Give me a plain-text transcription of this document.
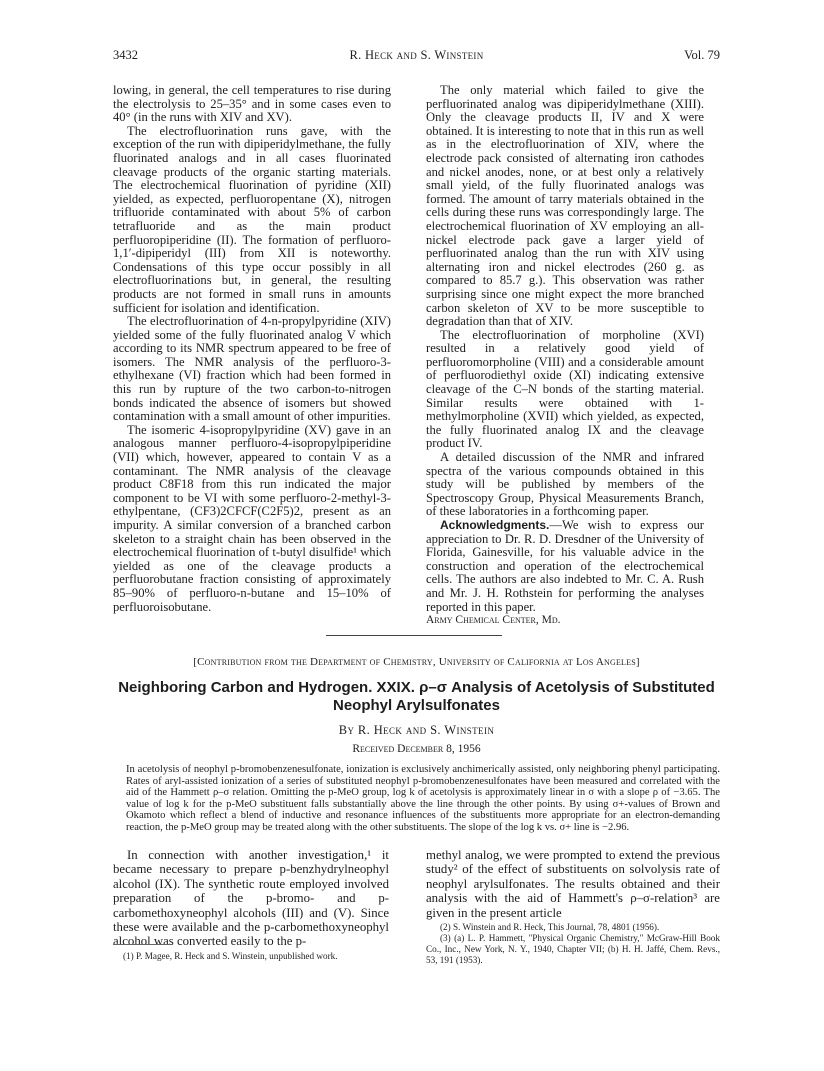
3432	R. Heck and S. Winstein	Vol. 79

lowing, in general, the cell temperatures to rise during the electrolysis to 25–35° and in some cases even to 40° (in the runs with XIV and XV).

The electrofluorination runs gave, with the exception of the run with dipiperidylmethane, the fully fluorinated analogs and in all cases fluorinated cleavage products of the organic starting materials. The electrochemical fluorination of pyridine (XII) yielded, as expected, perfluoropentane (X), nitrogen trifluoride contaminated with about 5% of carbon tetrafluoride and as the main product perfluoropiperidine (II). The formation of perfluoro-1,1′-dipiperidyl (III) from XII is noteworthy. Condensations of this type occur possibly in all electrofluorinations but, in general, the resulting products are not formed in small runs in amounts sufficient for isolation and identification.

The electrofluorination of 4-n-propylpyridine (XIV) yielded some of the fully fluorinated analog V which according to its NMR spectrum appeared to be free of isomers. The NMR analysis of the perfluoro-3-ethylhexane (VI) fraction which had been formed in this run by rupture of the two carbon-to-nitrogen bonds indicated the absence of isomers but showed contamination with a small amount of other impurities.

The isomeric 4-isopropylpyridine (XV) gave in an analogous manner perfluoro-4-isopropylpiperidine (VII) which, however, appeared to contain V as a contaminant. The NMR analysis of the cleavage product C8F18 from this run indicated the major component to be VI with some perfluoro-2-methyl-3-ethylpentane, (CF3)2CFCF(C2F5)2, present as an impurity. A similar conversion of a branched carbon skeleton to a straight chain has been observed in the electrochemical fluorination of t-butyl disulfide¹ which yielded as one of the cleavage products a perfluorobutane fraction consisting of approximately 85–90% of perfluoro-n-butane and 15–10% of perfluoroisobutane.

The only material which failed to give the perfluorinated analog was dipiperidylmethane (XIII). Only the cleavage products II, IV and X were obtained. It is interesting to note that in this run as well as in the electrofluorination of XIV, where the electrode pack consisted of alternating iron cathodes and nickel anodes, none, or at best only a relatively small yield, of the fully fluorinated analogs was formed. The amount of tarry materials obtained in the cells during these runs was correspondingly large. The electrochemical fluorination of XV employing an all-nickel electrode pack gave a larger yield of perfluorinated analog than the run with XIV using alternating iron and nickel electrodes (260 g. as compared to 85.7 g.). This observation was rather surprising since one might expect the more branched carbon skeleton of XV to be more susceptible to degradation than that of XIV.

The electrofluorination of morpholine (XVI) resulted in a relatively good yield of perfluoromorpholine (VIII) and a considerable amount of perfluorodiethyl oxide (XI) indicating extensive cleavage of the C–N bonds of the starting material. Similar results were obtained with 1-methylmorpholine (XVII) which yielded, as expected, the fully fluorinated analog IX and the cleavage product IV.

A detailed discussion of the NMR and infrared spectra of the various compounds obtained in this study will be published by members of the Spectroscopy Group, Physical Measurements Branch, of these laboratories in a forthcoming paper.

Acknowledgments.—We wish to express our appreciation to Dr. R. D. Dresdner of the University of Florida, Gainesville, for his valuable advice in the construction and operation of the electrochemical cells. The authors are also indebted to Mr. C. A. Rush and Mr. J. H. Rothstein for performing the analyses reported in this paper.

Army Chemical Center, Md.

[Contribution from the Department of Chemistry, University of California at Los Angeles]
Neighboring Carbon and Hydrogen. XXIX. ρ–σ Analysis of Acetolysis of Substituted Neophyl Arylsulfonates
By R. Heck and S. Winstein
Received December 8, 1956

In acetolysis of neophyl p-bromobenzenesulfonate, ionization is exclusively anchimerically assisted, only neighboring phenyl participating. Rates of aryl-assisted ionization of a series of substituted neophyl p-bromobenzenesulfonates have been measured and correlated with the aid of the Hammett ρ–σ relation. Omitting the p-MeO group, log k of acetolysis is approximately linear in σ with a slope ρ of −3.65. The value of log k for the p-MeO substituent falls substantially above the line through the other points. By using σ+-values of Brown and Okamoto which reflect a blend of inductive and resonance influences of the substituents more appropriate for an electron-demanding reaction, the p-MeO group may be treated along with the other substituents. The slope of the log k vs. σ+ line is −2.96.

In connection with another investigation,¹ it became necessary to prepare p-benzhydrylneophyl alcohol (IX). The synthetic route employed involved preparation of the p-bromo- and p-carbomethoxyneophyl alcohols (III) and (V). Since these were available and the p-carbomethoxyneophyl alcohol was converted easily to the p-

methyl analog, we were prompted to extend the previous study² of the effect of substituents on solvolysis rate of neophyl arylsulfonates. The results obtained and their analysis with the aid of Hammett's ρ–σ-relation³ are given in the present article

(2) S. Winstein and R. Heck, This Journal, 78, 4801 (1956).

(3) (a) L. P. Hammett, "Physical Organic Chemistry," McGraw-Hill Book Co., Inc., New York, N. Y., 1940, Chapter VII; (b) H. H. Jaffé, Chem. Revs., 53, 191 (1953).

(1) P. Magee, R. Heck and S. Winstein, unpublished work.
